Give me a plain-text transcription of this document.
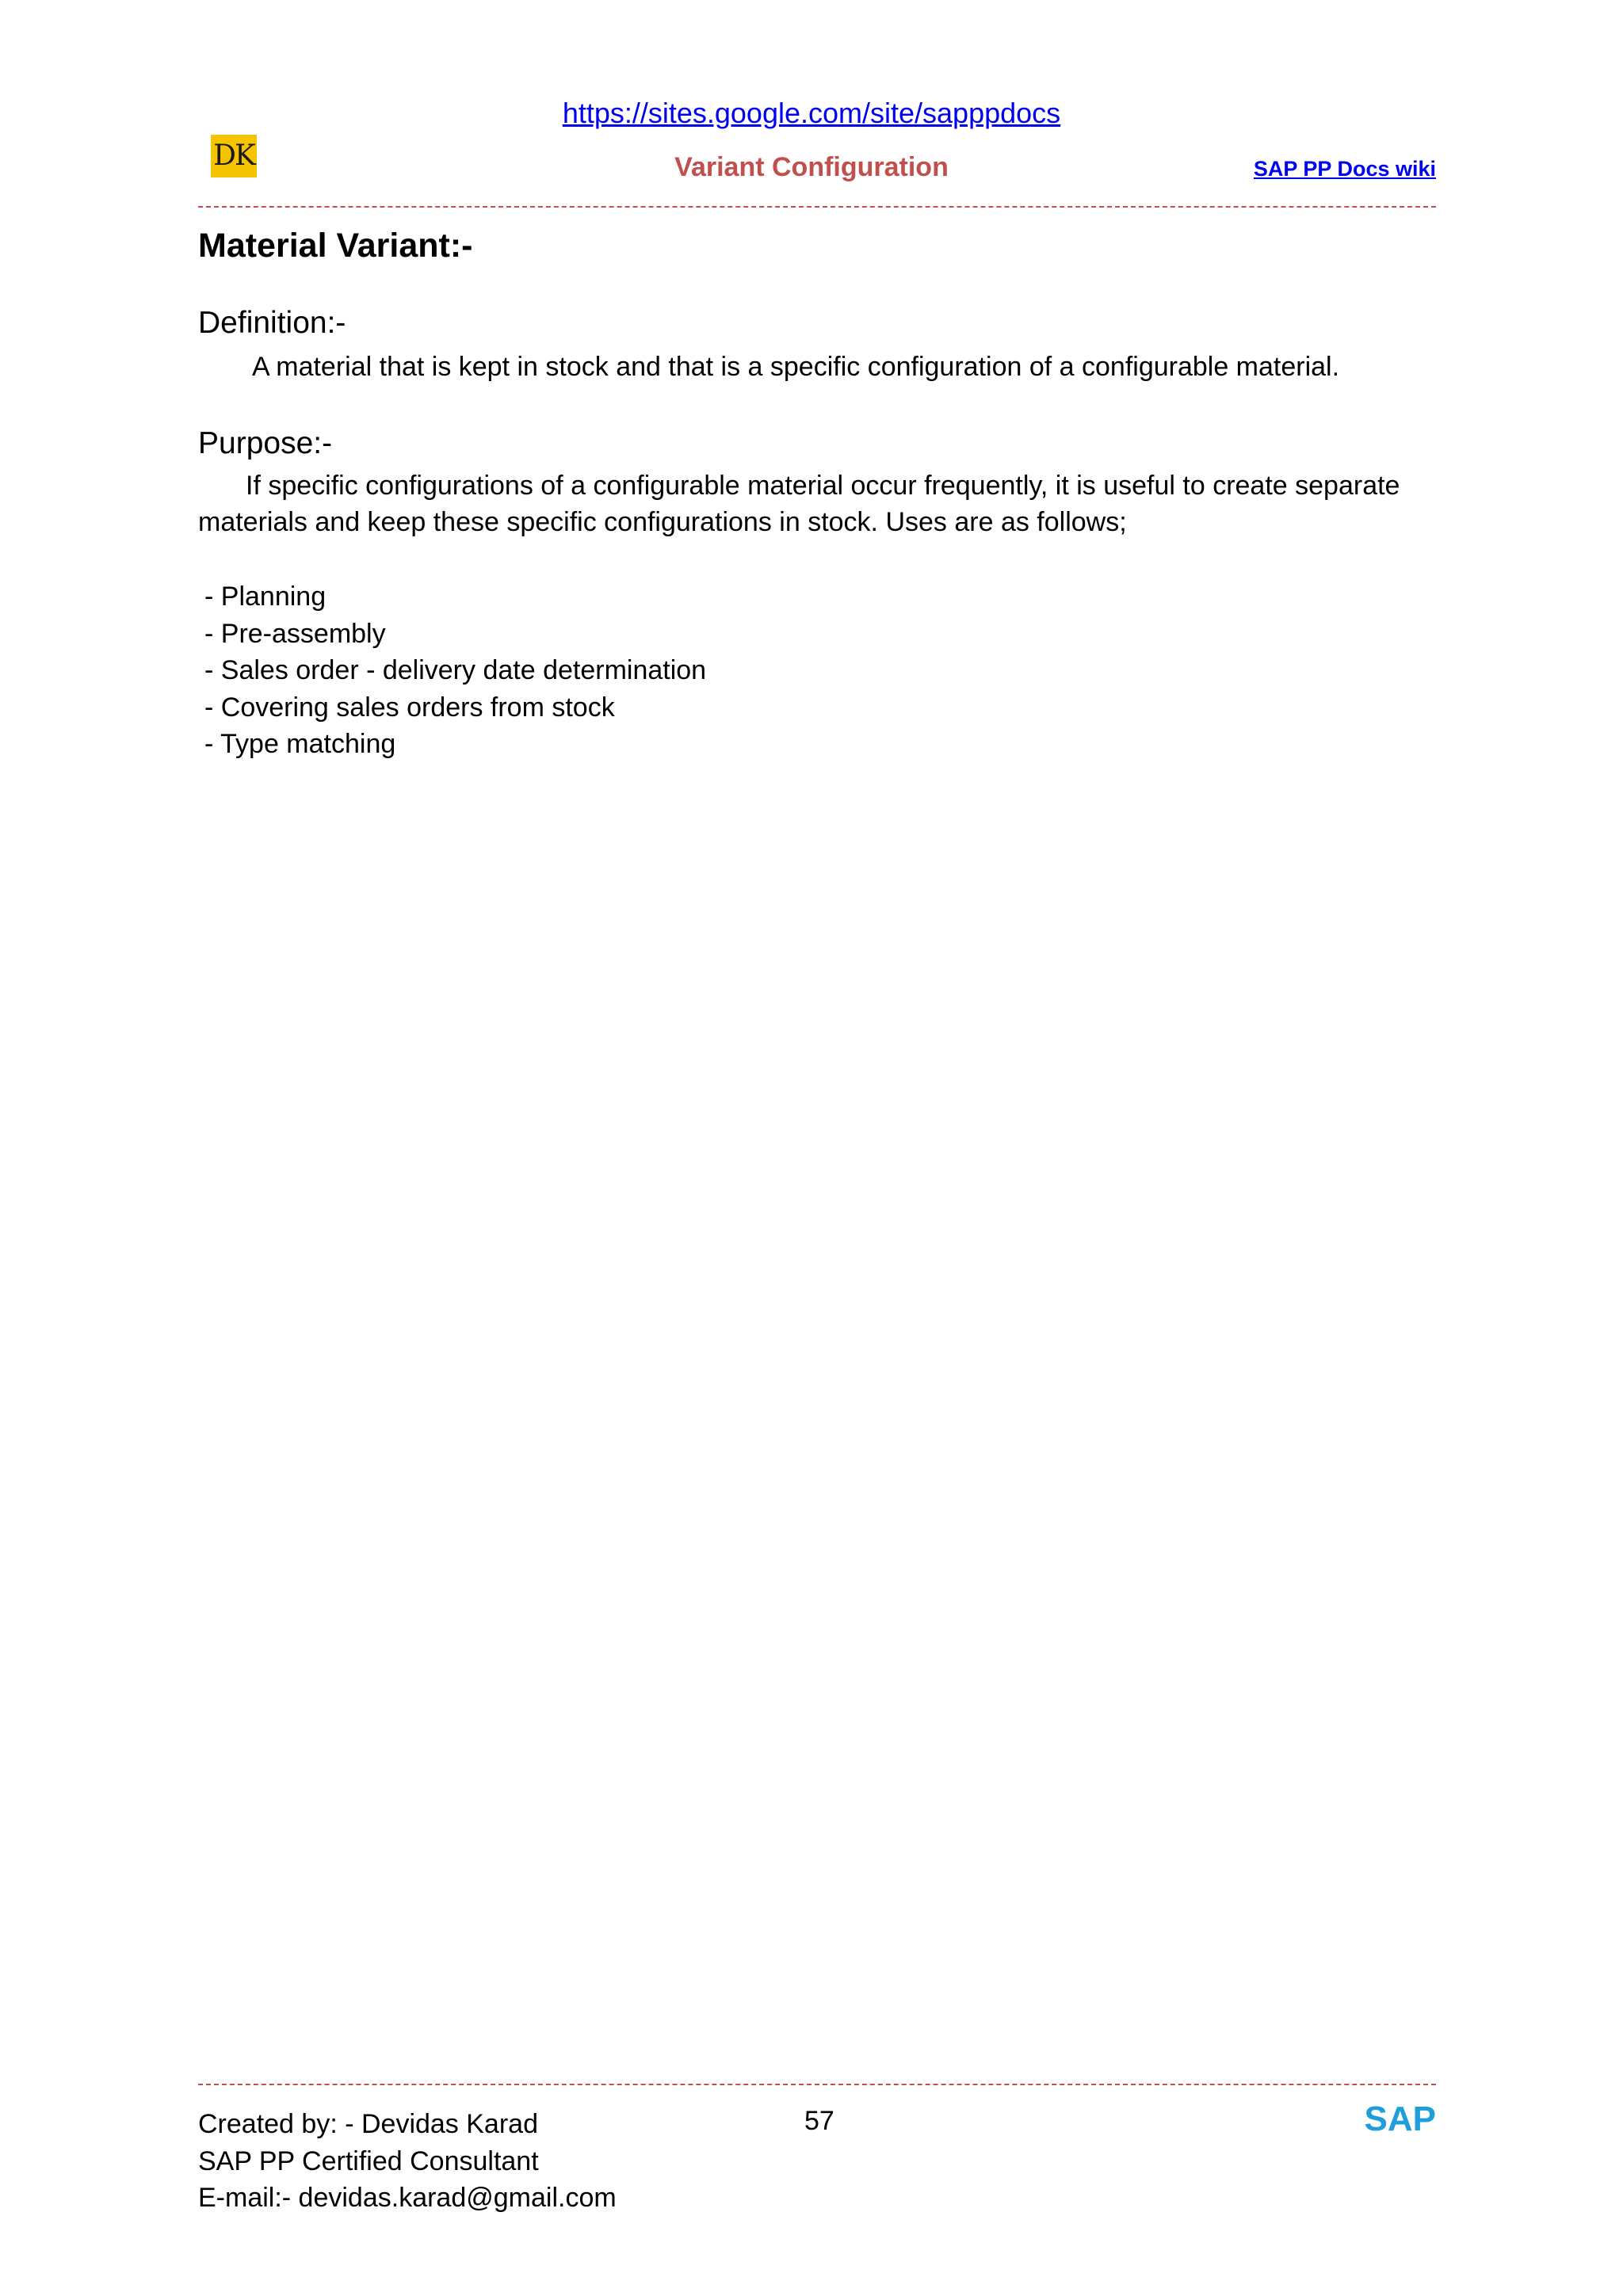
https://sites.google.com/site/sapppdocs
DK	Variant Configuration	SAP PP Docs wiki
Material Variant:-
Definition:-
A material that is kept in stock and that is a specific configuration of a configurable material.
Purpose:-
If specific configurations of a configurable material occur frequently, it is useful to create separate materials and keep these specific configurations in stock. Uses are as follows;
- Planning
- Pre-assembly
- Sales order - delivery date determination
- Covering sales orders from stock
- Type matching
Created by: - Devidas Karad
SAP PP Certified Consultant
E-mail:- devidas.karad@gmail.com
57	SAP
